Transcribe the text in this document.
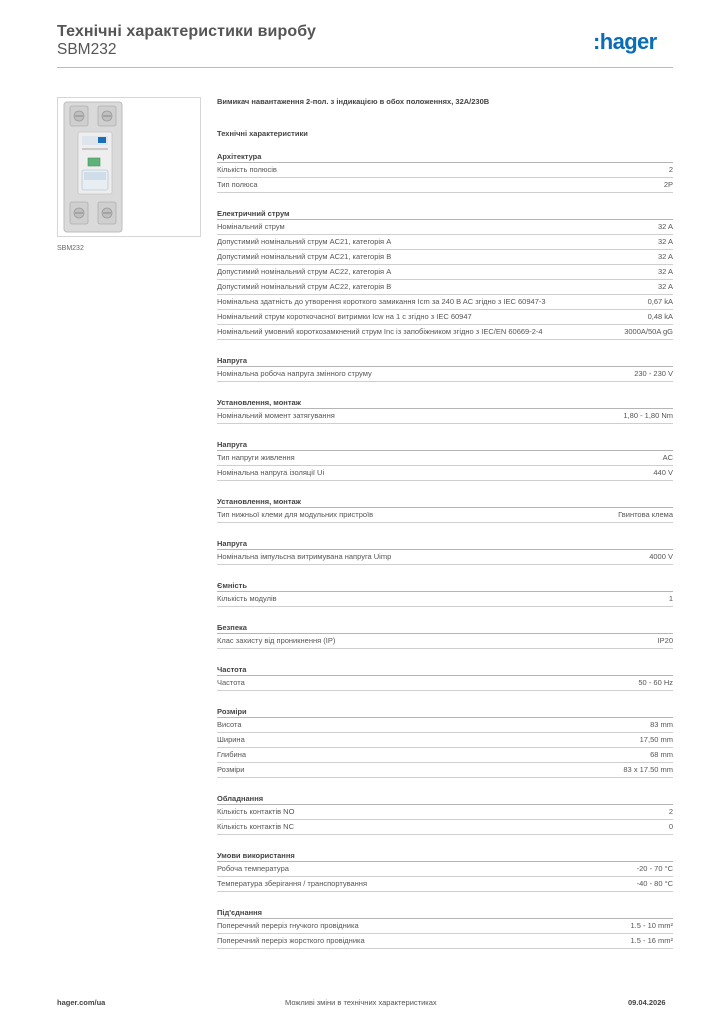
Технічні характеристики виробу
SBM232	:hager
SBM232
Вимикач навантаження 2-пол. з індикацією в обох положеннях, 32А/230В
Технічні характеристики
Архітектура
Кількість полюсів	2
Тип полюса	2P
Електричний струм
Номінальний струм	32 A
Допустимий номінальний струм AC21, категорія A	32 A
Допустимий номінальний струм AC21, категорія B	32 A
Допустимий номінальний струм AC22, категорія A	32 A
Допустимий номінальний струм AC22, категорія B	32 A
Номінальна здатність до утворення короткого замикання Icm за 240 B AC згідно з IEC 60947-3	0,67 kA
Номінальний струм короткочасної витримки Icw на 1 с згідно з IEC 60947	0,48 kA
Номінальний умовний короткозамкнений струм Inc із запобіжником згідно з IEC/EN 60669-2-4	3000A/50A gG
Напруга
Номінальна робоча напруга змінного струму	230 - 230 V
Установлення, монтаж
Номінальний момент затягування	1,80 - 1,80 Nm
Напруга
Тип напруги живлення	AC
Номінальна напруга ізоляції Ui	440 V
Установлення, монтаж
Тип нижньої клеми для модульних пристроїв	Гвинтова клема
Напруга
Номінальна імпульсна витримувана напруга Uimp	4000 V
Ємність
Кількість модулів	1
Безпека
Клас захисту від проникнення (IP)	IP20
Частота
Частота	50 - 60 Hz
Розміри
Висота	83 mm
Ширина	17,50 mm
Глибина	68 mm
Розміри	83 x 17.50 mm
Обладнання
Кількість контактів NO	2
Кількість контактів NC	0
Умови використання
Робоча температура	-20 - 70 °C
Температура зберігання / транспортування	-40 - 80 °C
Під'єднання
Поперечний переріз гнучкого провідника	1.5 - 10 mm²
Поперечний переріз жорсткого провідника	1.5 - 16 mm²
hager.com/ua	Можливі зміни в технічних характеристиках	09.04.2026
